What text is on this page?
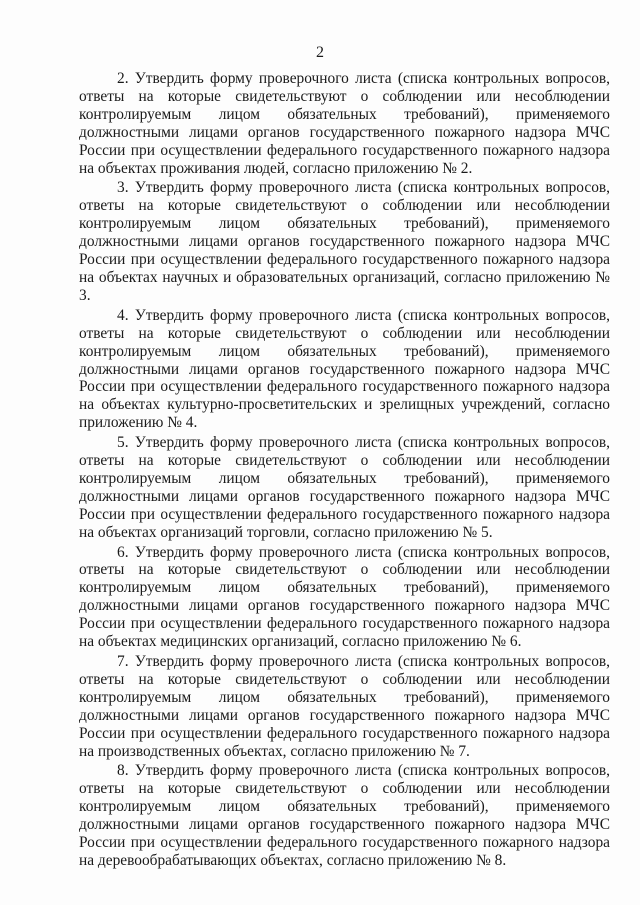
2

2. Утвердить форму проверочного листа (списка контрольных вопросов, ответы на которые свидетельствуют о соблюдении или несоблюдении контролируемым лицом обязательных требований), применяемого должностными лицами органов государственного пожарного надзора МЧС России при осуществлении федерального государственного пожарного надзора на объектах проживания людей, согласно приложению № 2.

3. Утвердить форму проверочного листа (списка контрольных вопросов, ответы на которые свидетельствуют о соблюдении или несоблюдении контролируемым лицом обязательных требований), применяемого должностными лицами органов государственного пожарного надзора МЧС России при осуществлении федерального государственного пожарного надзора на объектах научных и образовательных организаций, согласно приложению № 3.

4. Утвердить форму проверочного листа (списка контрольных вопросов, ответы на которые свидетельствуют о соблюдении или несоблюдении контролируемым лицом обязательных требований), применяемого должностными лицами органов государственного пожарного надзора МЧС России при осуществлении федерального государственного пожарного надзора на объектах культурно-просветительских и зрелищных учреждений, согласно приложению № 4.

5. Утвердить форму проверочного листа (списка контрольных вопросов, ответы на которые свидетельствуют о соблюдении или несоблюдении контролируемым лицом обязательных требований), применяемого должностными лицами органов государственного пожарного надзора МЧС России при осуществлении федерального государственного пожарного надзора на объектах организаций торговли, согласно приложению № 5.

6. Утвердить форму проверочного листа (списка контрольных вопросов, ответы на которые свидетельствуют о соблюдении или несоблюдении контролируемым лицом обязательных требований), применяемого должностными лицами органов государственного пожарного надзора МЧС России при осуществлении федерального государственного пожарного надзора на объектах медицинских организаций, согласно приложению № 6.

7. Утвердить форму проверочного листа (списка контрольных вопросов, ответы на которые свидетельствуют о соблюдении или несоблюдении контролируемым лицом обязательных требований), применяемого должностными лицами органов государственного пожарного надзора МЧС России при осуществлении федерального государственного пожарного надзора на производственных объектах, согласно приложению № 7.

8. Утвердить форму проверочного листа (списка контрольных вопросов, ответы на которые свидетельствуют о соблюдении или несоблюдении контролируемым лицом обязательных требований), применяемого должностными лицами органов государственного пожарного надзора МЧС России при осуществлении федерального государственного пожарного надзора на деревообрабатывающих объектах, согласно приложению № 8.
